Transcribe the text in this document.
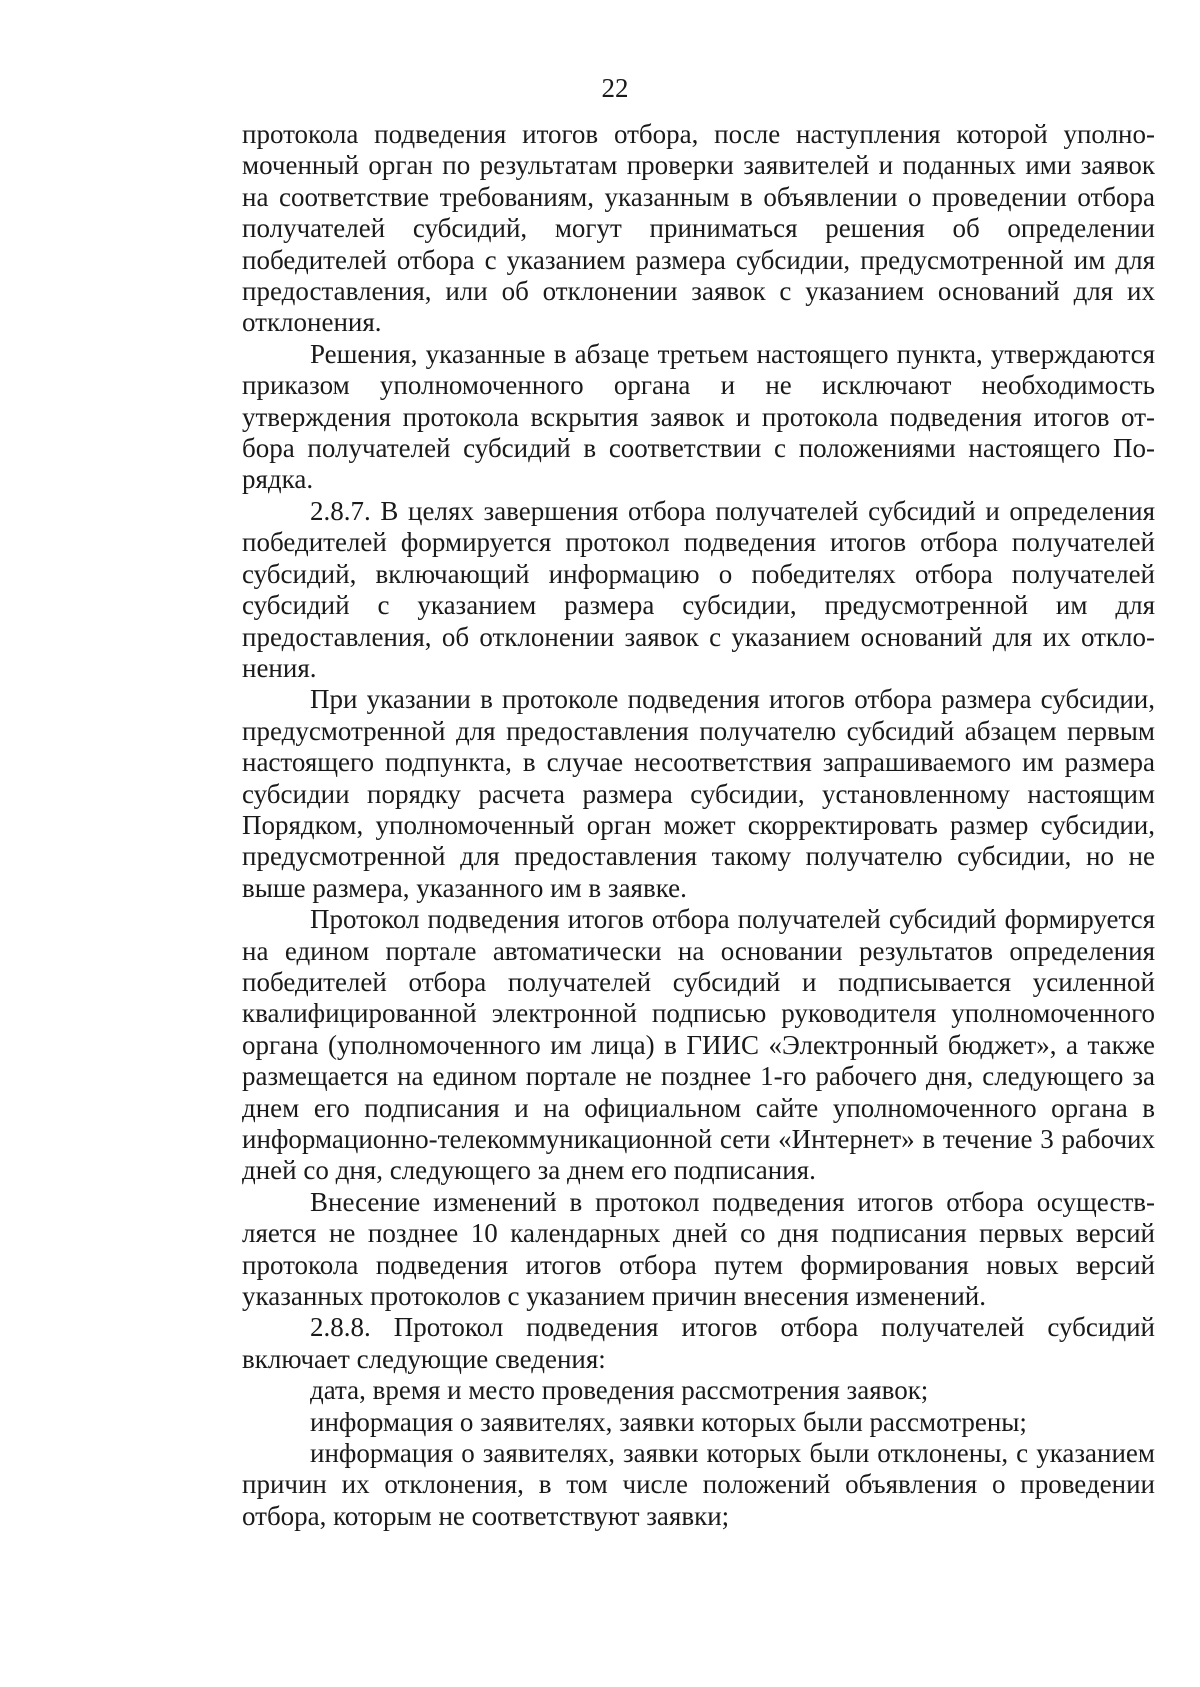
22

протокола подведения итогов отбора, после наступления которой уполномоченный орган по результатам проверки заявителей и поданных ими заявок на соответствие требованиям, указанным в объявлении о проведении отбора получателей субсидий, могут приниматься решения об определении победителей отбора с указанием размера субсидии, предусмотренной им для предоставления, или об отклонении заявок с указанием оснований для их отклонения.

Решения, указанные в абзаце третьем настоящего пункта, утверждаются приказом уполномоченного органа и не исключают необходимость утверждения протокола вскрытия заявок и протокола подведения итогов отбора получателей субсидий в соответствии с положениями настоящего Порядка.

2.8.7. В целях завершения отбора получателей субсидий и определения победителей формируется протокол подведения итогов отбора получателей субсидий, включающий информацию о победителях отбора получателей субсидий с указанием размера субсидии, предусмотренной им для предоставления, об отклонении заявок с указанием оснований для их отклонения.

При указании в протоколе подведения итогов отбора размера субсидии, предусмотренной для предоставления получателю субсидий абзацем первым настоящего подпункта, в случае несоответствия запрашиваемого им размера субсидии порядку расчета размера субсидии, установленному настоящим Порядком, уполномоченный орган может скорректировать размер субсидии, предусмотренной для предоставления такому получателю субсидии, но не выше размера, указанного им в заявке.

Протокол подведения итогов отбора получателей субсидий формируется на едином портале автоматически на основании результатов определения победителей отбора получателей субсидий и подписывается усиленной квалифицированной электронной подписью руководителя уполномоченного органа (уполномоченного им лица) в ГИИС «Электронный бюджет», а также размещается на едином портале не позднее 1-го рабочего дня, следующего за днем его подписания и на официальном сайте уполномоченного органа в информационно-телекоммуникационной сети «Интернет» в течение 3 рабочих дней со дня, следующего за днем его подписания.

Внесение изменений в протокол подведения итогов отбора осуществляется не позднее 10 календарных дней со дня подписания первых версий протокола подведения итогов отбора путем формирования новых версий указанных протоколов с указанием причин внесения изменений.

2.8.8. Протокол подведения итогов отбора получателей субсидий включает следующие сведения:

дата, время и место проведения рассмотрения заявок;

информация о заявителях, заявки которых были рассмотрены;

информация о заявителях, заявки которых были отклонены, с указанием причин их отклонения, в том числе положений объявления о проведении отбора, которым не соответствуют заявки;
